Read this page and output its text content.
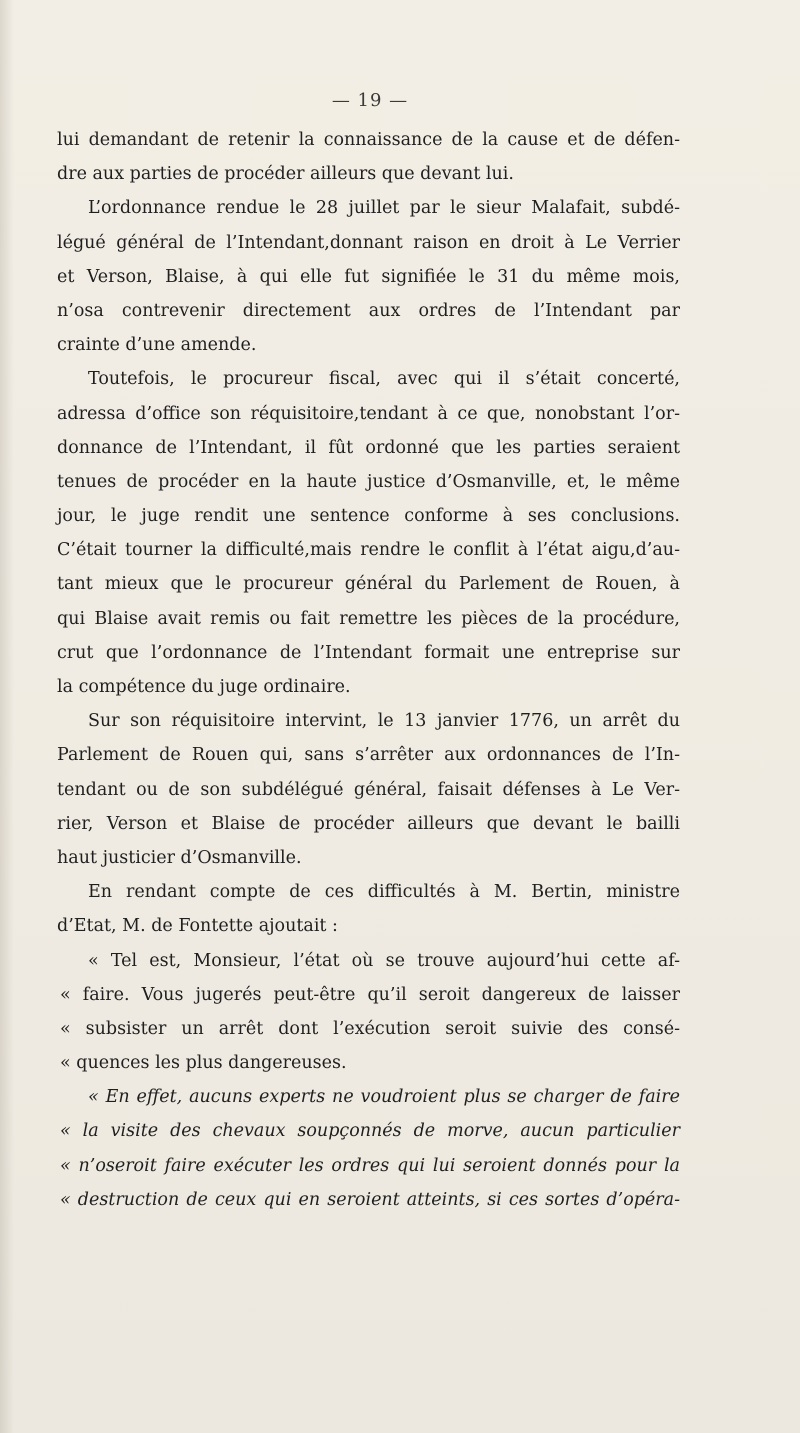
— 19 —
lui demandant de retenir la connaissance de la cause et de défen-
dre aux parties de procéder ailleurs que devant lui.
L’ordonnance rendue le 28 juillet par le sieur Malafait, subdé-
légué général de l’Intendant,donnant raison en droit à Le Verrier
et Verson, Blaise, à qui elle fut signifiée le 31 du même mois,
n’osa contrevenir directement aux ordres de l’Intendant par
crainte d’une amende.
Toutefois, le procureur fiscal, avec qui il s’était concerté,
adressa d’office son réquisitoire,tendant à ce que, nonobstant l’or-
donnance de l’Intendant, il fût ordonné que les parties seraient
tenues de procéder en la haute justice d’Osmanville, et, le même
jour, le juge rendit une sentence conforme à ses conclusions.
C’était tourner la difficulté,mais rendre le conflit à l’état aigu,d’au-
tant mieux que le procureur général du Parlement de Rouen, à
qui Blaise avait remis ou fait remettre les pièces de la procédure,
crut que l’ordonnance de l’Intendant formait une entreprise sur
la compétence du juge ordinaire.
Sur son réquisitoire intervint, le 13 janvier 1776, un arrêt du
Parlement de Rouen qui, sans s’arrêter aux ordonnances de l’In-
tendant ou de son subdélégué général, faisait défenses à Le Ver-
rier, Verson et Blaise de procéder ailleurs que devant le bailli
haut justicier d’Osmanville.
En rendant compte de ces difficultés à M. Bertin, ministre
d’Etat, M. de Fontette ajoutait :
« Tel est, Monsieur, l’état où se trouve aujourd’hui cette af-
« faire. Vous jugerés peut-être qu’il seroit dangereux de laisser
« subsister un arrêt dont l’exécution seroit suivie des consé-
« quences les plus dangereuses.
« En effet, aucuns experts ne voudroient plus se charger de faire
« la visite des chevaux soupçonnés de morve, aucun particulier
« n’oseroit faire exécuter les ordres qui lui seroient donnés pour la
« destruction de ceux qui en seroient atteints, si ces sortes d’opéra-
